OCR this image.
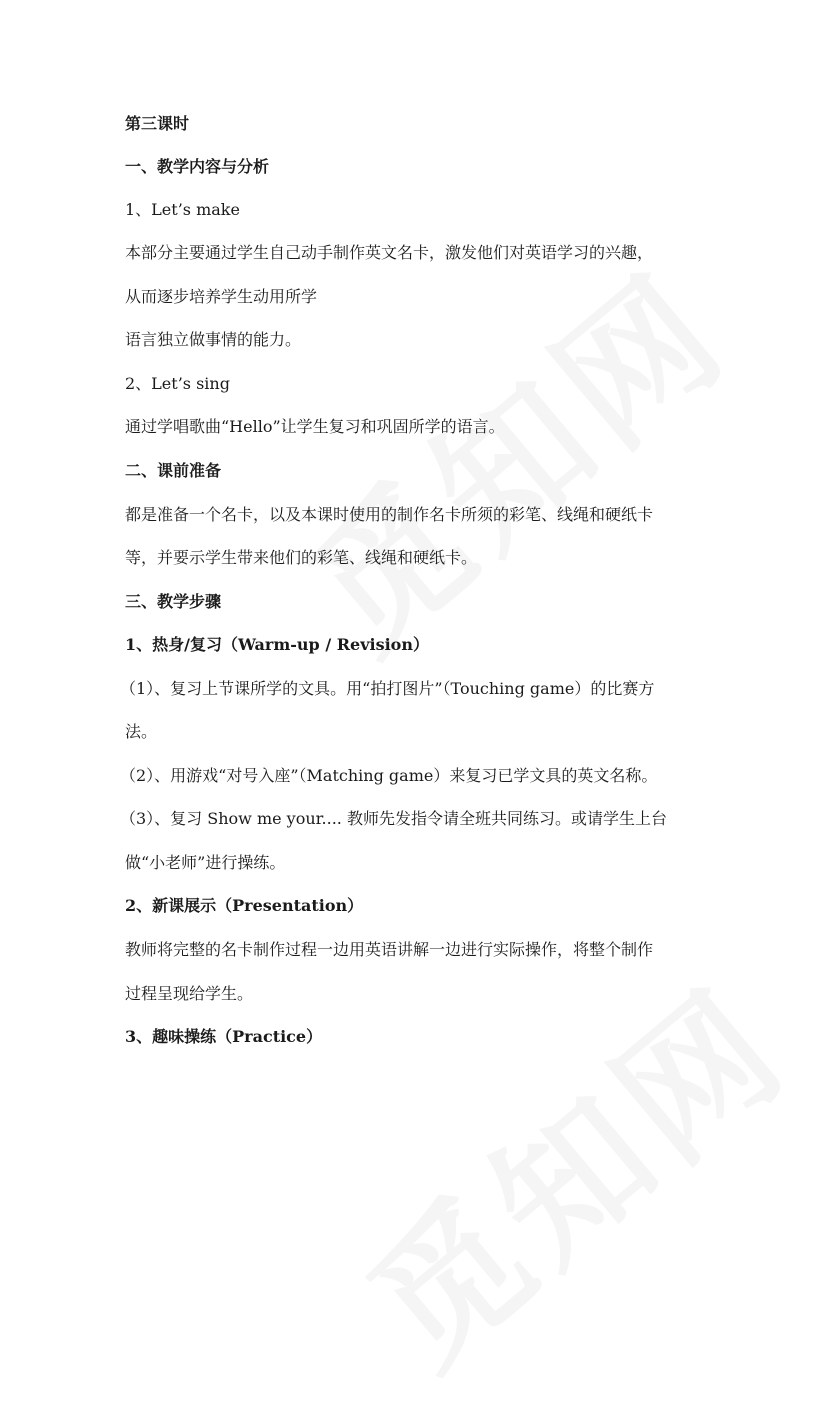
第三课时
一、教学内容与分析
1、Let’s make
本部分主要通过学生自己动手制作英文名卡，激发他们对英语学习的兴趣，
从而逐步培养学生动用所学
语言独立做事情的能力。
2、Let’s sing
通过学唱歌曲“Hello”让学生复习和巩固所学的语言。
二、课前准备
都是准备一个名卡，以及本课时使用的制作名卡所须的彩笔、线绳和硬纸卡
等，并要示学生带来他们的彩笔、线绳和硬纸卡。
三、教学步骤
1、热身/复习（Warm-up / Revision）
（1）、复习上节课所学的文具。用“拍打图片”（Touching game）的比赛方
法。
（2）、用游戏“对号入座”（Matching game）来复习已学文具的英文名称。
（3）、复习 Show me your.... 教师先发指令请全班共同练习。或请学生上台
做“小老师”进行操练。
2、新课展示（Presentation）
教师将完整的名卡制作过程一边用英语讲解一边进行实际操作，将整个制作
过程呈现给学生。
3、趣味操练（Practice）
